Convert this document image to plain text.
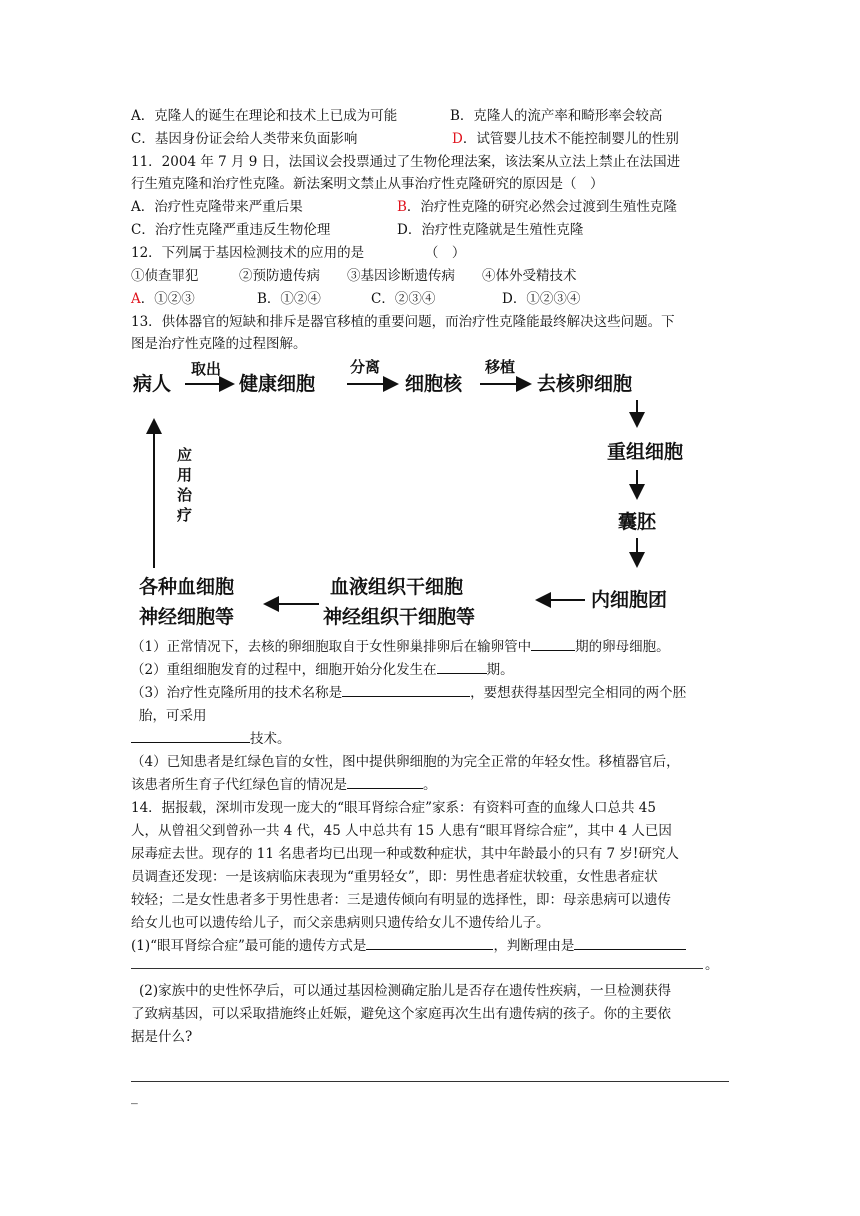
A．克隆人的诞生在理论和技术上已成为可能	B．克隆人的流产率和畸形率会较高
C．基因身份证会给人类带来负面影响	D．试管婴儿技术不能控制婴儿的性别
11．2004 年 7 月 9 日，法国议会投票通过了生物伦理法案，该法案从立法上禁止在法国进
行生殖克隆和治疗性克隆。新法案明文禁止从事治疗性克隆研究的原因是（　）
A．治疗性克隆带来严重后果	B．治疗性克隆的研究必然会过渡到生殖性克隆
C．治疗性克隆严重违反生物伦理	D．治疗性克隆就是生殖性克隆
12．下列属于基因检测技术的应用的是　　　　　（　）
①侦查罪犯　　　②预防遗传病　　③基因诊断遗传病　　④体外受精技术
A．①②③	B．①②④	C．②③④	D．①②③④
13．供体器官的短缺和排斥是器官移植的重要问题，而治疗性克隆能最终解决这些问题。下
图是治疗性克隆的过程图解。
病人
取出
健康细胞
分离
细胞核
移植
去核卵细胞
重组细胞
囊胚
内细胞团
血液组织干细胞
神经组织干细胞等
各种血细胞
神经细胞等
应
用
治
疗
（1）正常情况下，去核的卵细胞取自于女性卵巢排卵后在输卵管中	期的卵母细胞。
（2）重组细胞发育的过程中，细胞开始分化发生在	期。
（3）治疗性克隆所用的技术名称是	，要想获得基因型完全相同的两个胚
胎，可采用
技术。
（4）已知患者是红绿色盲的女性，图中提供卵细胞的为完全正常的年轻女性。移植器官后，
该患者所生育子代红绿色盲的情况是	。
14．据报载，深圳市发现一庞大的“眼耳肾综合症”家系：有资料可查的血缘人口总共 45
人，从曾祖父到曾孙一共 4 代，45 人中总共有 15 人患有“眼耳肾综合症”，其中 4 人已因
尿毒症去世。现存的 11 名患者均已出现一种或数种症状，其中年龄最小的只有 7 岁!研究人
员调查还发现：一是该病临床表现为“重男轻女”，即：男性患者症状较重，女性患者症状
较轻；二是女性患者多于男性患者：三是遗传倾向有明显的选择性，即：母亲患病可以遗传
给女儿也可以遗传给儿子，而父亲患病则只遗传给女儿不遗传给儿子。
(1)“眼耳肾综合症”最可能的遗传方式是	，判断理由是
。
(2)家族中的史性怀孕后，可以通过基因检测确定胎儿是否存在遗传性疾病，一旦检测获得
了致病基因，可以采取措施终止妊娠，避免这个家庭再次生出有遗传病的孩子。你的主要依
据是什么?
_
